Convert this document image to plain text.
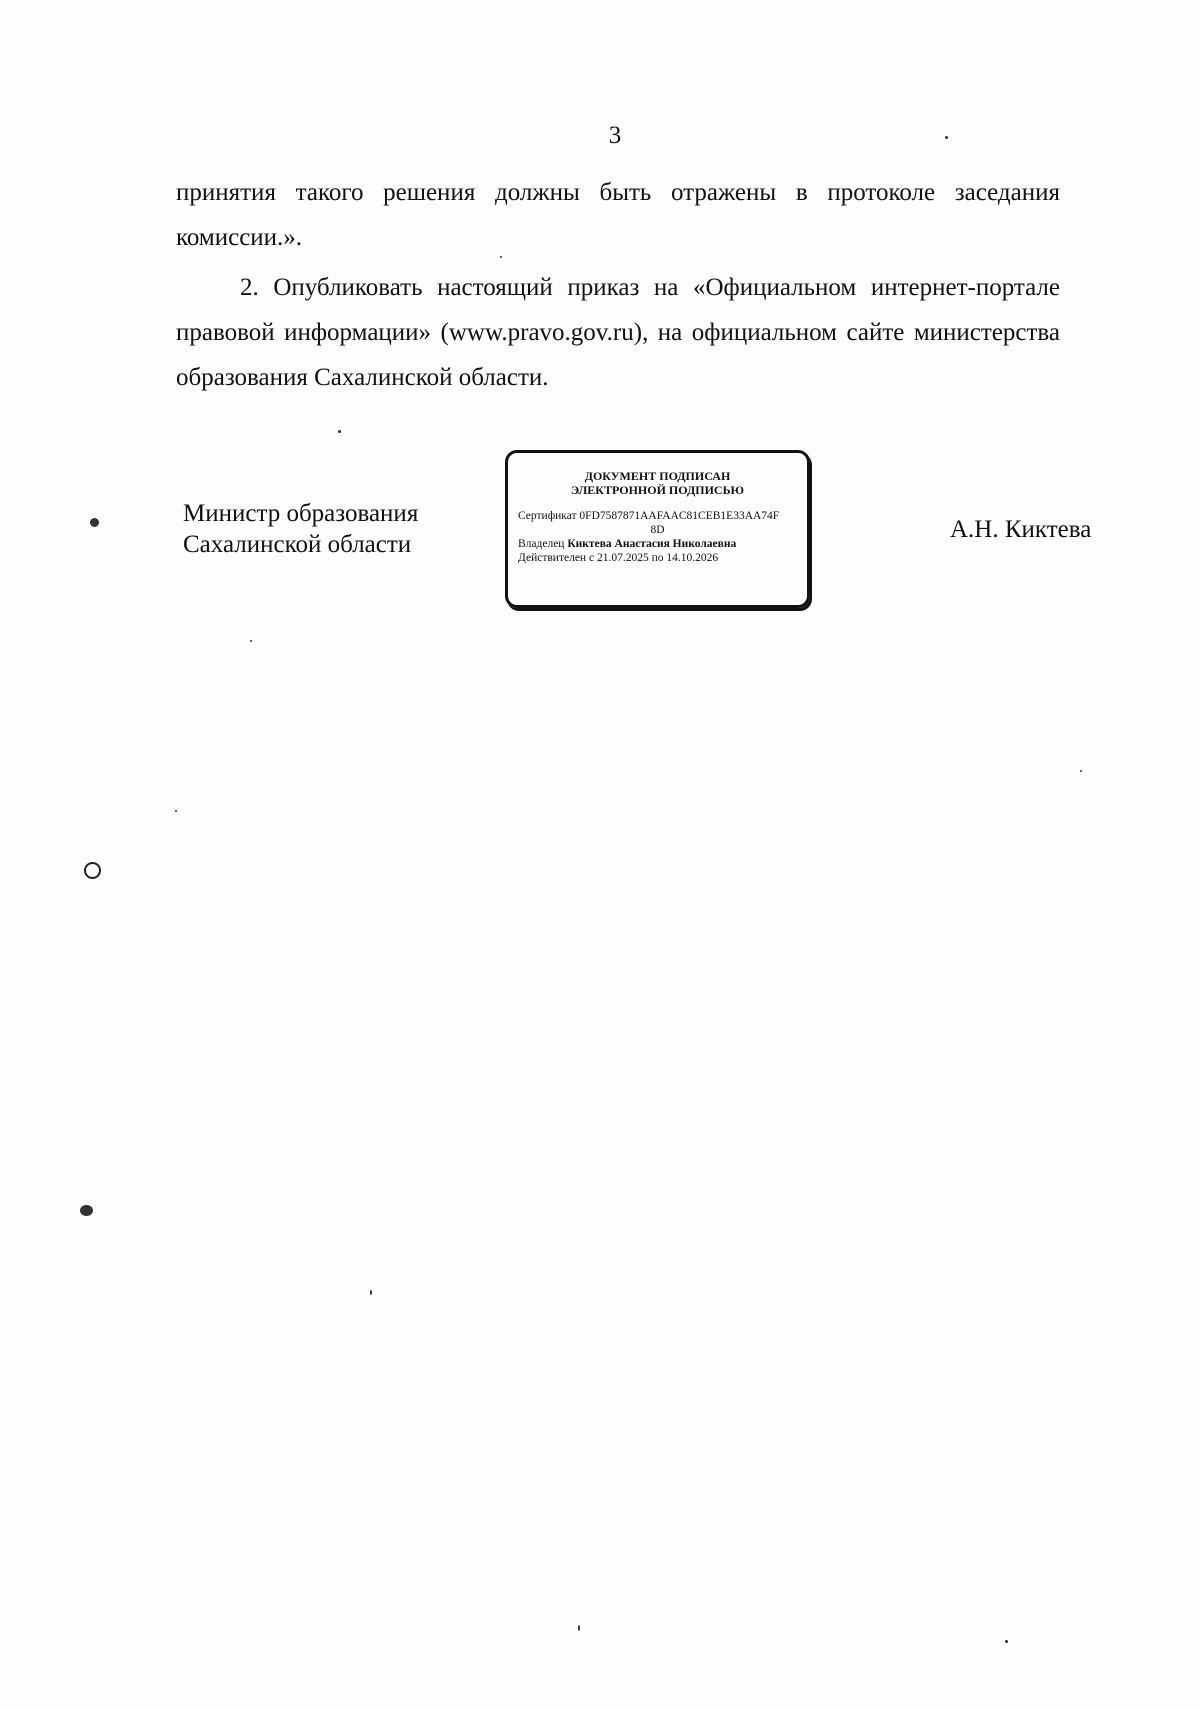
3

принятия такого решения должны быть отражены в протоколе заседания

комиссии.».

2. Опубликовать настоящий приказ на «Официальном интернет-портале правовой информации» (www.pravo.gov.ru), на официальном сайте министерства образования Сахалинской области.

Министр образования
Сахалинской области
ДОКУМЕНТ ПОДПИСАН
ЭЛЕКТРОННОЙ ПОДПИСЬЮ
Сертификат 0FD7587871AAFAAC81CEB1E33AA74F
8D
Владелец Киктева Анастасия Николаевна
Действителен с 21.07.2025 по 14.10.2026
А.Н. Киктева
